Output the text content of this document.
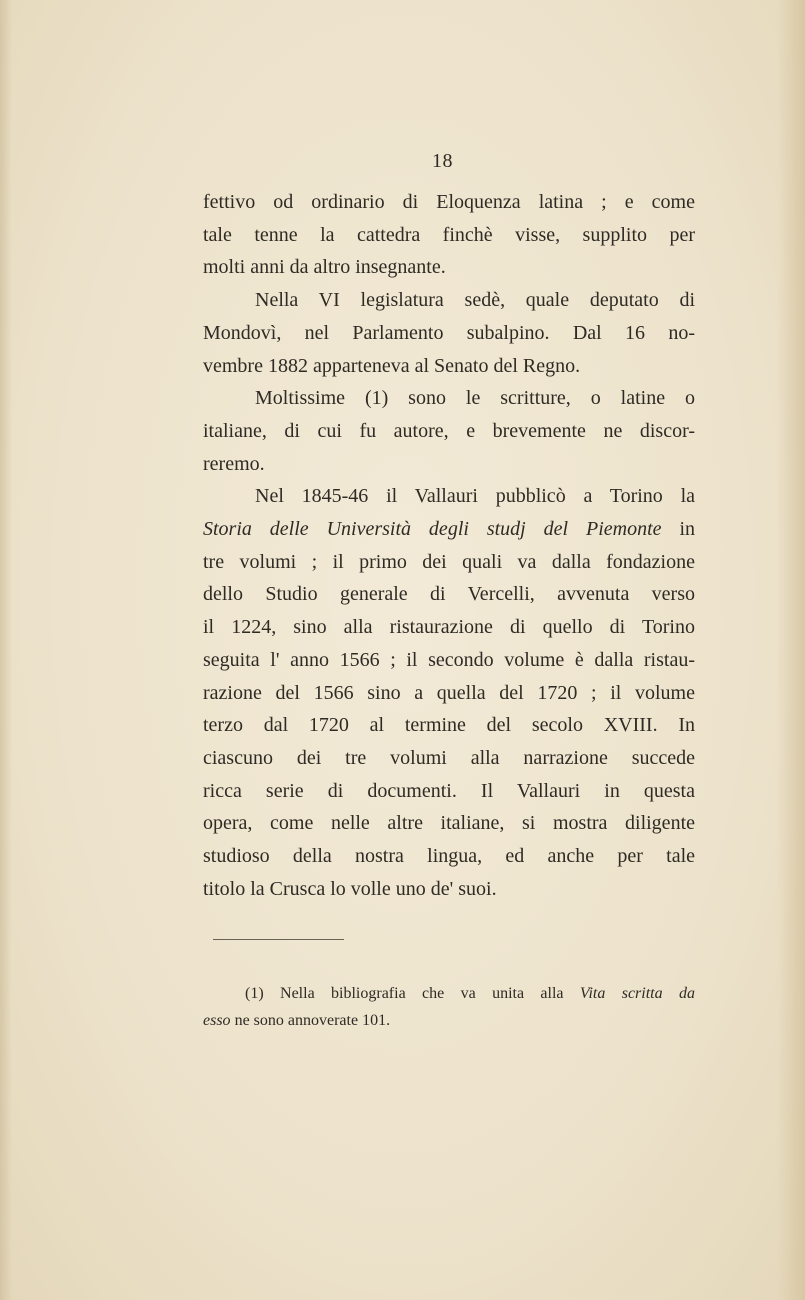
18
fettivo od ordinario di Eloquenza latina ; e come
tale tenne la cattedra finchè visse, supplito per
molti anni da altro insegnante.
Nella VI legislatura sedè, quale deputato di
Mondovì, nel Parlamento subalpino. Dal 16 no-
vembre 1882 apparteneva al Senato del Regno.
Moltissime (1) sono le scritture, o latine o
italiane, di cui fu autore, e brevemente ne discor-
reremo.
Nel 1845-46 il Vallauri pubblicò a Torino la
Storia delle Università degli studj del Piemonte in
tre volumi ; il primo dei quali va dalla fondazione
dello Studio generale di Vercelli, avvenuta verso
il 1224, sino alla ristaurazione di quello di Torino
seguita l' anno 1566 ; il secondo volume è dalla ristau-
razione del 1566 sino a quella del 1720 ; il volume
terzo dal 1720 al termine del secolo XVIII. In
ciascuno dei tre volumi alla narrazione succede
ricca serie di documenti. Il Vallauri in questa
opera, come nelle altre italiane, si mostra diligente
studioso della nostra lingua, ed anche per tale
titolo la Crusca lo volle uno de' suoi.
(1) Nella bibliografia che va unita alla Vita scritta da
esso ne sono annoverate 101.
